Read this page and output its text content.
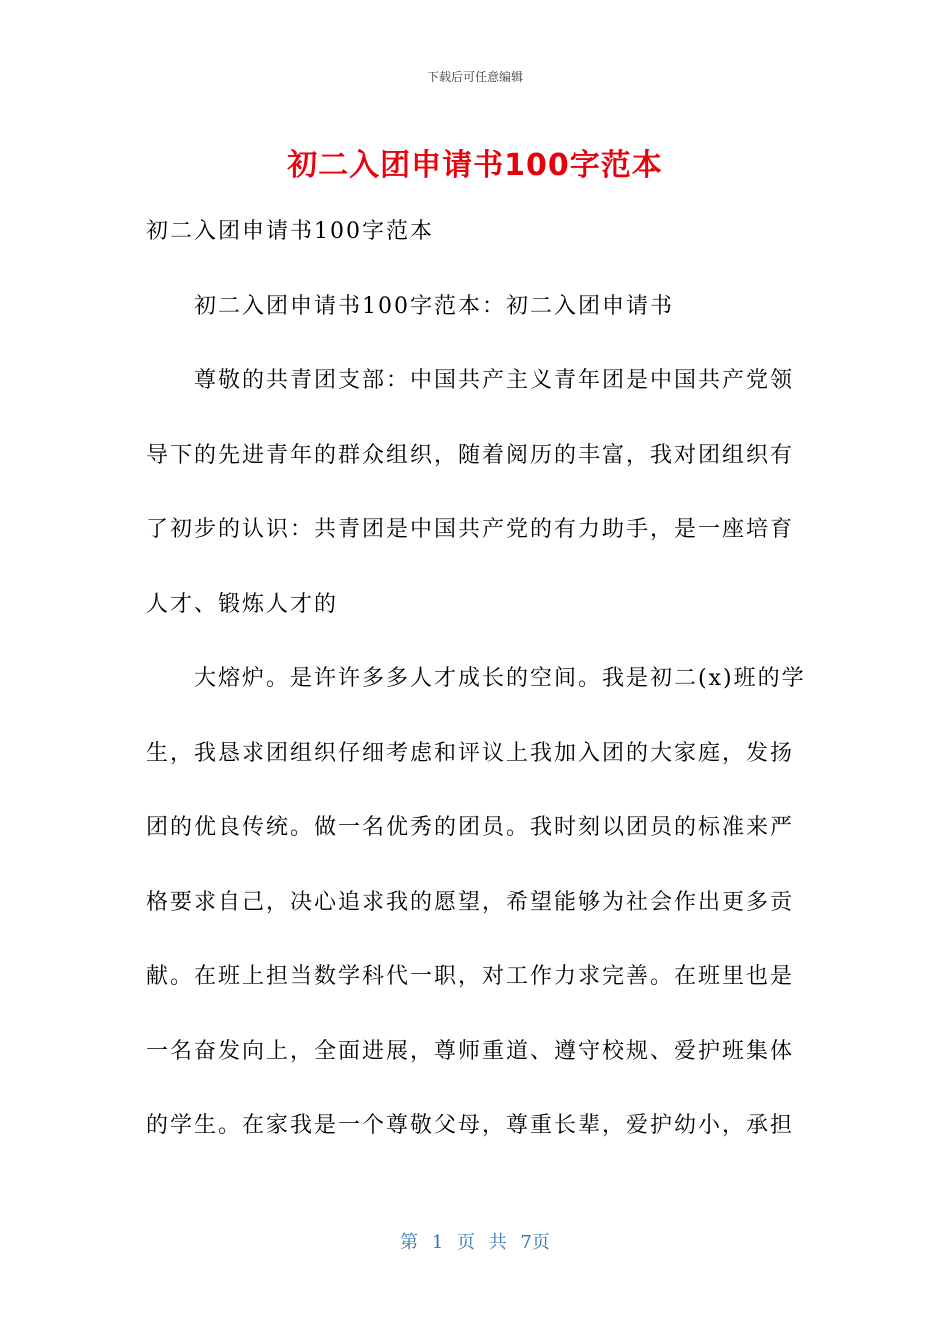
下载后可任意编辑
初二入团申请书100字范本

初二入团申请书100字范本

初二入团申请书100字范本：初二入团申请书

尊敬的共青团支部：中国共产主义青年团是中国共产党领导下的先进青年的群众组织，随着阅历的丰富，我对团组织有了初步的认识：共青团是中国共产党的有力助手，是一座培育人才、锻炼人才的

大熔炉。是许许多多人才成长的空间。我是初二(x)班的学生，我恳求团组织仔细考虑和评议上我加入团的大家庭，发扬团的优良传统。做一名优秀的团员。我时刻以团员的标准来严格要求自己，决心追求我的愿望，希望能够为社会作出更多贡献。在班上担当数学科代一职，对工作力求完善。在班里也是一名奋发向上，全面进展，尊师重道、遵守校规、爱护班集体的学生。在家我是一个尊敬父母，尊重长辈，爱护幼小，承担

第 1 页 共 7页
